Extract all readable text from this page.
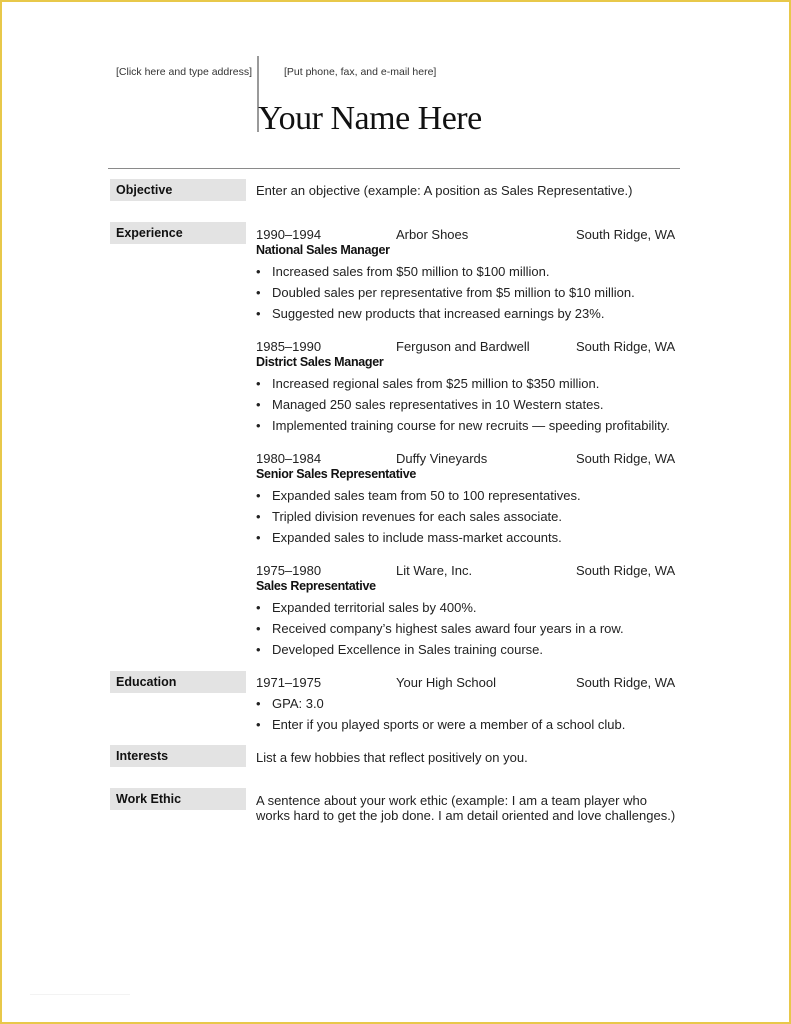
[Click here and type address]	[Put phone, fax, and e-mail here]
Your Name Here
Objective	Enter an objective (example: A position as Sales Representative.)
Experience	1990–1994	Arbor Shoes	South Ridge, WA
National Sales Manager
• Increased sales from $50 million to $100 million.
• Doubled sales per representative from $5 million to $10 million.
• Suggested new products that increased earnings by 23%.
1985–1990	Ferguson and Bardwell	South Ridge, WA
District Sales Manager
• Increased regional sales from $25 million to $350 million.
• Managed 250 sales representatives in 10 Western states.
• Implemented training course for new recruits — speeding profitability.
1980–1984	Duffy Vineyards	South Ridge, WA
Senior Sales Representative
• Expanded sales team from 50 to 100 representatives.
• Tripled division revenues for each sales associate.
• Expanded sales to include mass-market accounts.
1975–1980	Lit Ware, Inc.	South Ridge, WA
Sales Representative
• Expanded territorial sales by 400%.
• Received company’s highest sales award four years in a row.
• Developed Excellence in Sales training course.
Education	1971–1975	Your High School	South Ridge, WA
• GPA: 3.0
• Enter if you played sports or were a member of a school club.
Interests	List a few hobbies that reflect positively on you.
Work Ethic	A sentence about your work ethic (example: I am a team player who
works hard to get the job done. I am detail oriented and love challenges.)
